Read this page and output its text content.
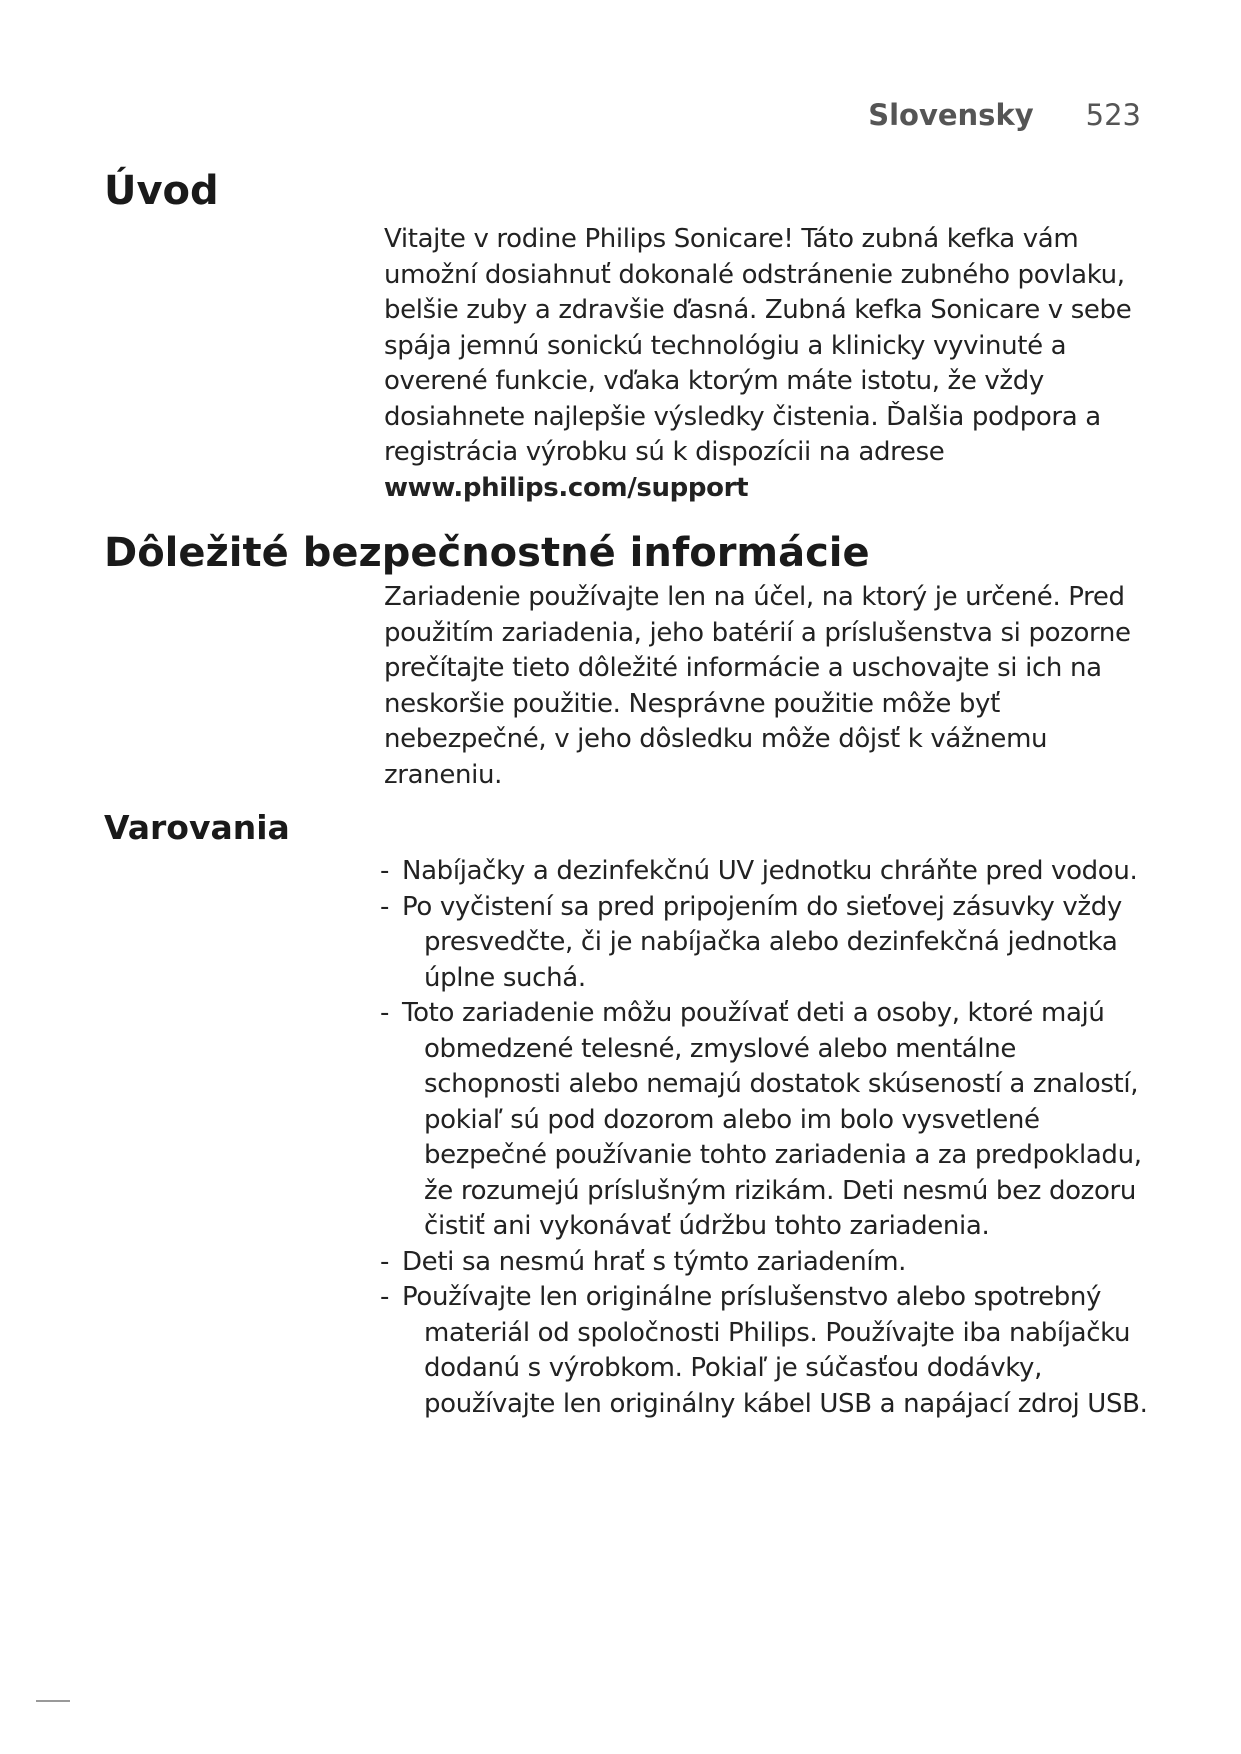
Slovensky 523
Úvod

Vitajte v rodine Philips Sonicare! Táto zubná kefka vám umožní dosiahnuť dokonalé odstránenie zubného povlaku, belšie zuby a zdravšie ďasná. Zubná kefka Sonicare v sebe spája jemnú sonickú technológiu a klinicky vyvinuté a overené funkcie, vďaka ktorým máte istotu, že vždy dosiahnete najlepšie výsledky čistenia. Ďalšia podpora a registrácia výrobku sú k dispozícii na adrese www.philips.com/support

Dôležité bezpečnostné informácie

Zariadenie používajte len na účel, na ktorý je určené. Pred použitím zariadenia, jeho batérií a príslušenstva si pozorne prečítajte tieto dôležité informácie a uschovajte si ich na neskoršie použitie. Nesprávne použitie môže byť nebezpečné, v jeho dôsledku môže dôjsť k vážnemu zraneniu.

Varovania
- Nabíjačky a dezinfekčnú UV jednotku chráňte pred vodou.
- Po vyčistení sa pred pripojením do sieťovej zásuvky vždy presvedčte, či je nabíjačka alebo dezinfekčná jednotka úplne suchá.
- Toto zariadenie môžu používať deti a osoby, ktoré majú obmedzené telesné, zmyslové alebo mentálne schopnosti alebo nemajú dostatok skúseností a znalostí, pokiaľ sú pod dozorom alebo im bolo vysvetlené bezpečné používanie tohto zariadenia a za predpokladu, že rozumejú príslušným rizikám. Deti nesmú bez dozoru čistiť ani vykonávať údržbu tohto zariadenia.
- Deti sa nesmú hrať s týmto zariadením.
- Používajte len originálne príslušenstvo alebo spotrebný materiál od spoločnosti Philips. Používajte iba nabíjačku dodanú s výrobkom. Pokiaľ je súčasťou dodávky, používajte len originálny kábel USB a napájací zdroj USB.
